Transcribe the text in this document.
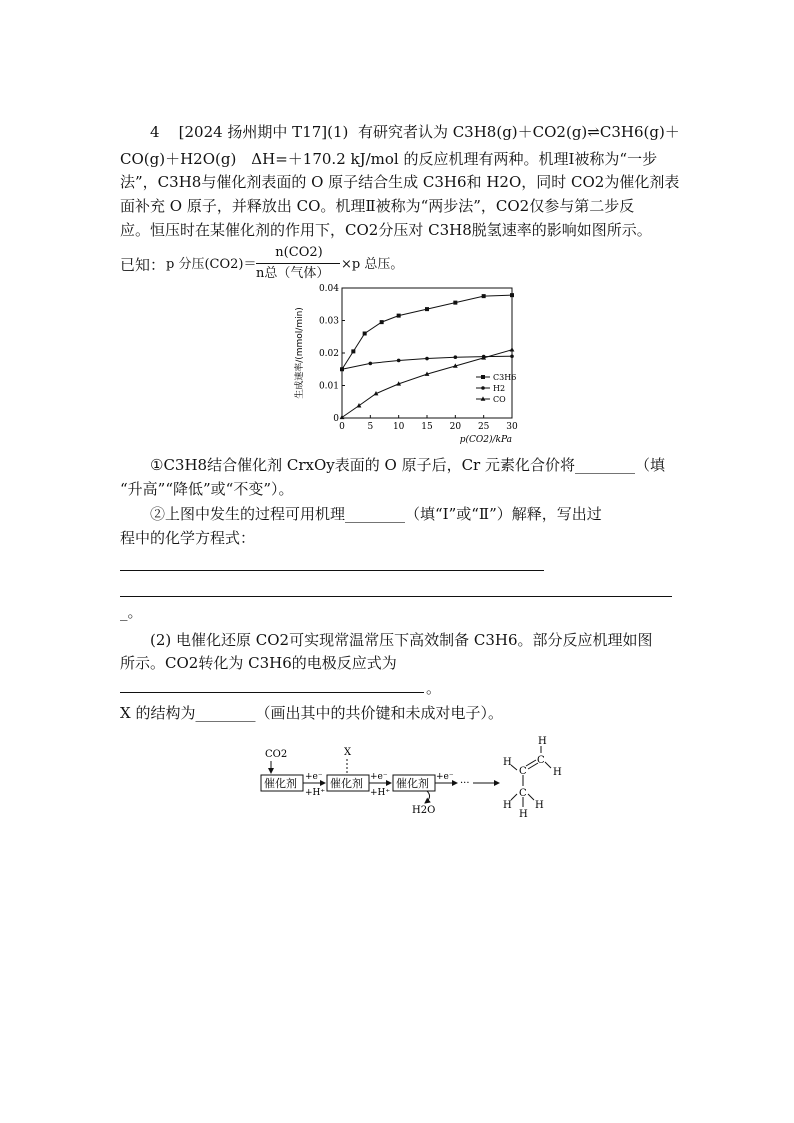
4 [2024 扬州期中 T17](1) 有研究者认为 C3H8(g)＋CO2(g)⇌C3H6(g)＋
CO(g)＋H2O(g)　ΔH=＋170.2 kJ/mol 的反应机理有两种。机理Ⅰ被称为“一步
法”，C3H8与催化剂表面的 O 原子结合生成 C3H6和 H2O，同时 CO2为催化剂表
面补充 O 原子，并释放出 CO。机理Ⅱ被称为“两步法”，CO2仅参与第二步反
应。恒压时在某催化剂的作用下，CO2分压对 C3H8脱氢速率的影响如图所示。
已知： p 分压(CO2)＝
n(CO2)
n总（气体）
×p 总压。
0	5 10 15 20 25 30
0
0.01
0.02
0.03
0.04
p(CO2)/kPa
生成速率/(mmol/min)	C3H6
H2
CO
①C3H8结合催化剂 CrxOy表面的 O 原子后，Cr 元素化合价将________（填
“升高”“降低”或“不变”）。
②上图中发生的过程可用机理________（填“Ⅰ”或“Ⅱ”）解释，写出过
程中的化学方程式：
_。
(2) 电催化还原 CO2可实现常温常压下高效制备 C3H6。部分反应机理如图
所示。CO2转化为 C3H6的电极反应式为
。
X 的结构为________（画出其中的共价键和未成对电子）。
CO2
催化剂	催化剂	催化剂
X
+e⁻
+H⁺
+e⁻
+H⁺
+e⁻
···
H2O
H
C
H
C
H
C
H
H
H
